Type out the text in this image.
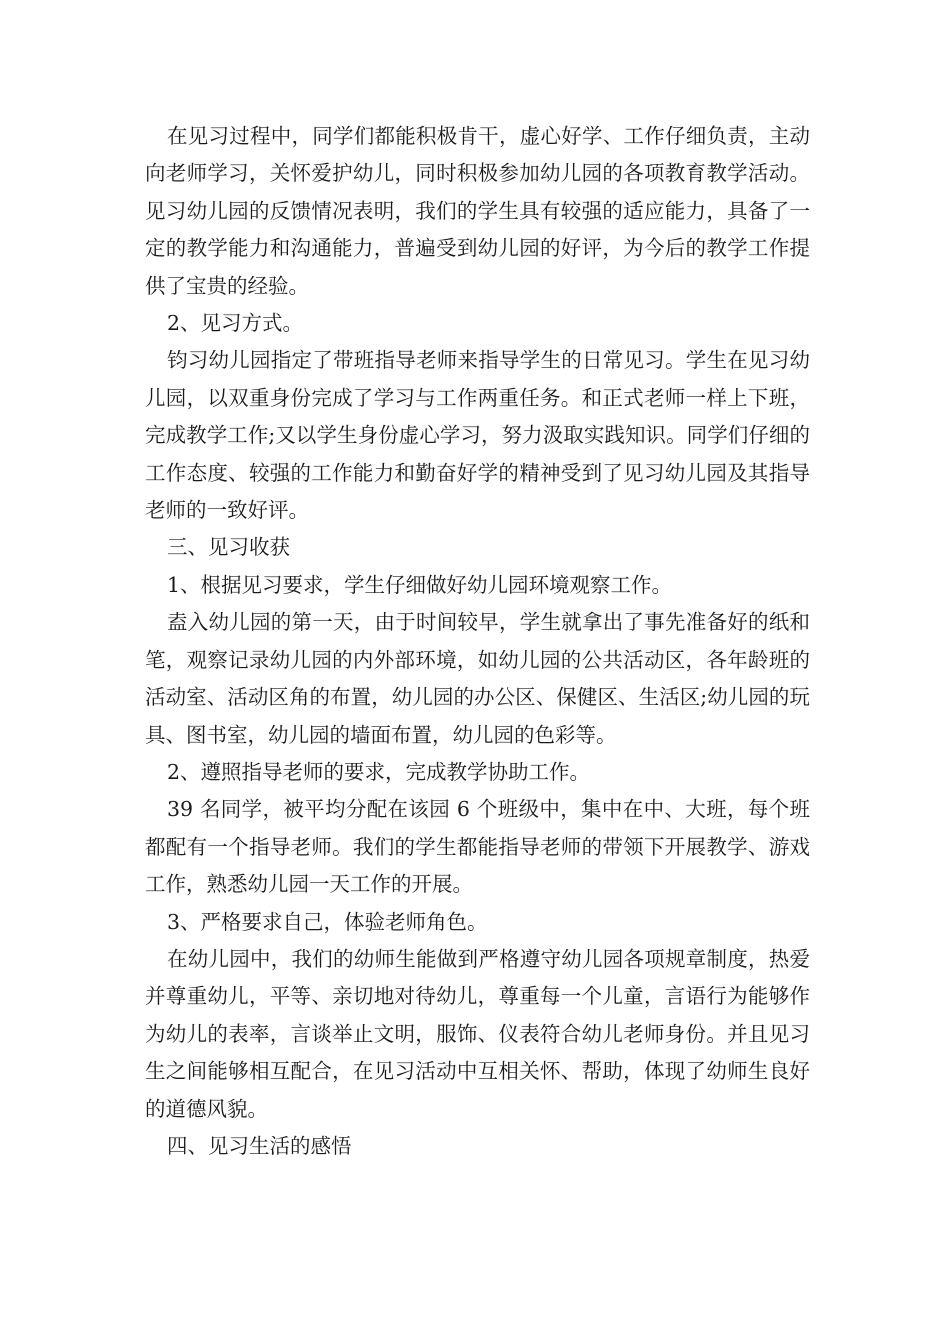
在见习过程中，同学们都能积极肯干，虚心好学、工作仔细负责，主动向老师学习，关怀爱护幼儿，同时积极参加幼儿园的各项教育教学活动。见习幼儿园的反馈情况表明，我们的学生具有较强的适应能力，具备了一定的教学能力和沟通能力，普遍受到幼儿园的好评，为今后的教学工作提供了宝贵的经验。

2、见习方式。

钧习幼儿园指定了带班指导老师来指导学生的日常见习。学生在见习幼儿园，以双重身份完成了学习与工作两重任务。和正式老师一样上下班，完成教学工作;又以学生身份虚心学习，努力汲取实践知识。同学们仔细的工作态度、较强的工作能力和勤奋好学的精神受到了见习幼儿园及其指导老师的一致好评。

三、见习收获

1、根据见习要求，学生仔细做好幼儿园环境观察工作。

盍入幼儿园的第一天，由于时间较早，学生就拿出了事先准备好的纸和笔，观察记录幼儿园的内外部环境，如幼儿园的公共活动区，各年龄班的活动室、活动区角的布置，幼儿园的办公区、保健区、生活区;幼儿园的玩具、图书室，幼儿园的墙面布置，幼儿园的色彩等。

2、遵照指导老师的要求，完成教学协助工作。

39 名同学，被平均分配在该园 6 个班级中，集中在中、大班，每个班都配有一个指导老师。我们的学生都能指导老师的带领下开展教学、游戏工作，熟悉幼儿园一天工作的开展。

3、严格要求自己，体验老师角色。

在幼儿园中，我们的幼师生能做到严格遵守幼儿园各项规章制度，热爱并尊重幼儿，平等、亲切地对待幼儿，尊重每一个儿童，言语行为能够作为幼儿的表率，言谈举止文明，服饰、仪表符合幼儿老师身份。并且见习生之间能够相互配合，在见习活动中互相关怀、帮助，体现了幼师生良好的道德风貌。

四、见习生活的感悟
